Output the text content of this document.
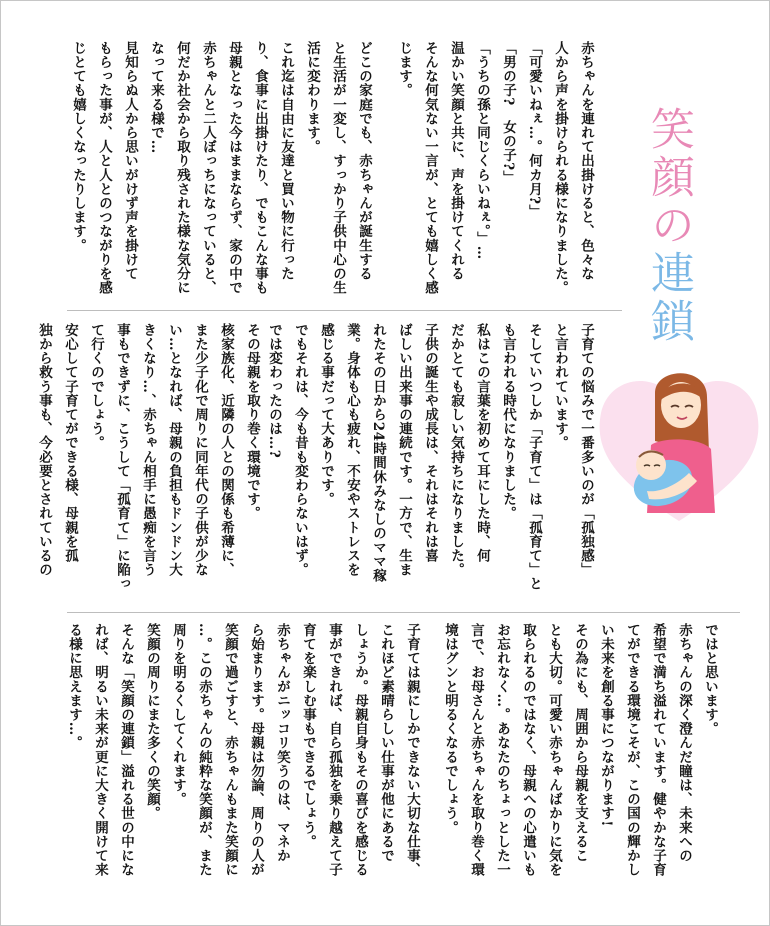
赤ちゃんを連れて出掛けると、色々な

人から声を掛けられる様になりました。

「可愛いねぇ…。何カ月?」

「男の子?　女の子?」

「うちの孫と同じくらいねぇ。」…

温かい笑顔と共に、声を掛けてくれる

そんな何気ない一言が、とても嬉しく感

じます。

どこの家庭でも、赤ちゃんが誕生する

と生活が一変し、すっかり子供中心の生

活に変わります。

これ迄は自由に友達と買い物に行った

り、食事に出掛けたり、でもこんな事も

母親となった今はままならず、家の中で

赤ちゃんと二人ぼっちになっていると、

何だか社会から取り残された様な気分に

なって来る様で…

見知らぬ人から思いがけず声を掛けて

もらった事が、人と人とのつながりを感

じとても嬉しくなったりします。

子育ての悩みで一番多いのが「孤独感」

と言われています。

そしていつしか「子育て」は「孤育て」と

も言われる時代になりました。

私はこの言葉を初めて耳にした時、何

だかとても寂しい気持ちになりました。

子供の誕生や成長は、それはそれは喜

ばしい出来事の連続です。一方で、生ま

れたその日から24時間休みなしのママ稼

業。身体も心も疲れ、不安やストレスを

感じる事だって大ありです。

でもそれは、今も昔も変わらないはず。

では変わったのは…?

その母親を取り巻く環境です。

核家族化、近隣の人との関係も希薄に、

また少子化で周りに同年代の子供が少な

い…となれば、母親の負担もドンドン大

きくなり…、赤ちゃん相手に愚痴を言う

事もできずに、こうして「孤育て」に陥っ

て行くのでしょう。

安心して子育てができる様、母親を孤

独から救う事も、今必要とされているの

ではと思います。

赤ちゃんの深く澄んだ瞳は、未来への

希望で満ち溢れています。健やかな子育

てができる環境こそが、この国の輝かし

い未来を創る事につながります!

その為にも、周囲から母親を支えるこ

とも大切。可愛い赤ちゃんばかりに気を

取られるのではなく、母親への心遣いも

お忘れなく…。あなたのちょっとした一

言で、お母さんと赤ちゃんを取り巻く環

境はグンと明るくなるでしょう。

子育ては親にしかできない大切な仕事、

これほど素晴らしい仕事が他にあるで

しょうか。母親自身もその喜びを感じる

事ができれば、自ら孤独を乗り越えて子

育てを楽しむ事もできるでしょう。

赤ちゃんがニッコリ笑うのは、マネか

ら始まります。母親は勿論、周りの人が

笑顔で過ごすと、赤ちゃんもまた笑顔に

…。この赤ちゃんの純粋な笑顔が、また

周りを明るくしてくれます。

笑顔の周りにまた多くの笑顔。

そんな「笑顔の連鎖」溢れる世の中にな

れば、明るい未来が更に大きく開けて来

る様に思えます…。

笑顔の連鎖
